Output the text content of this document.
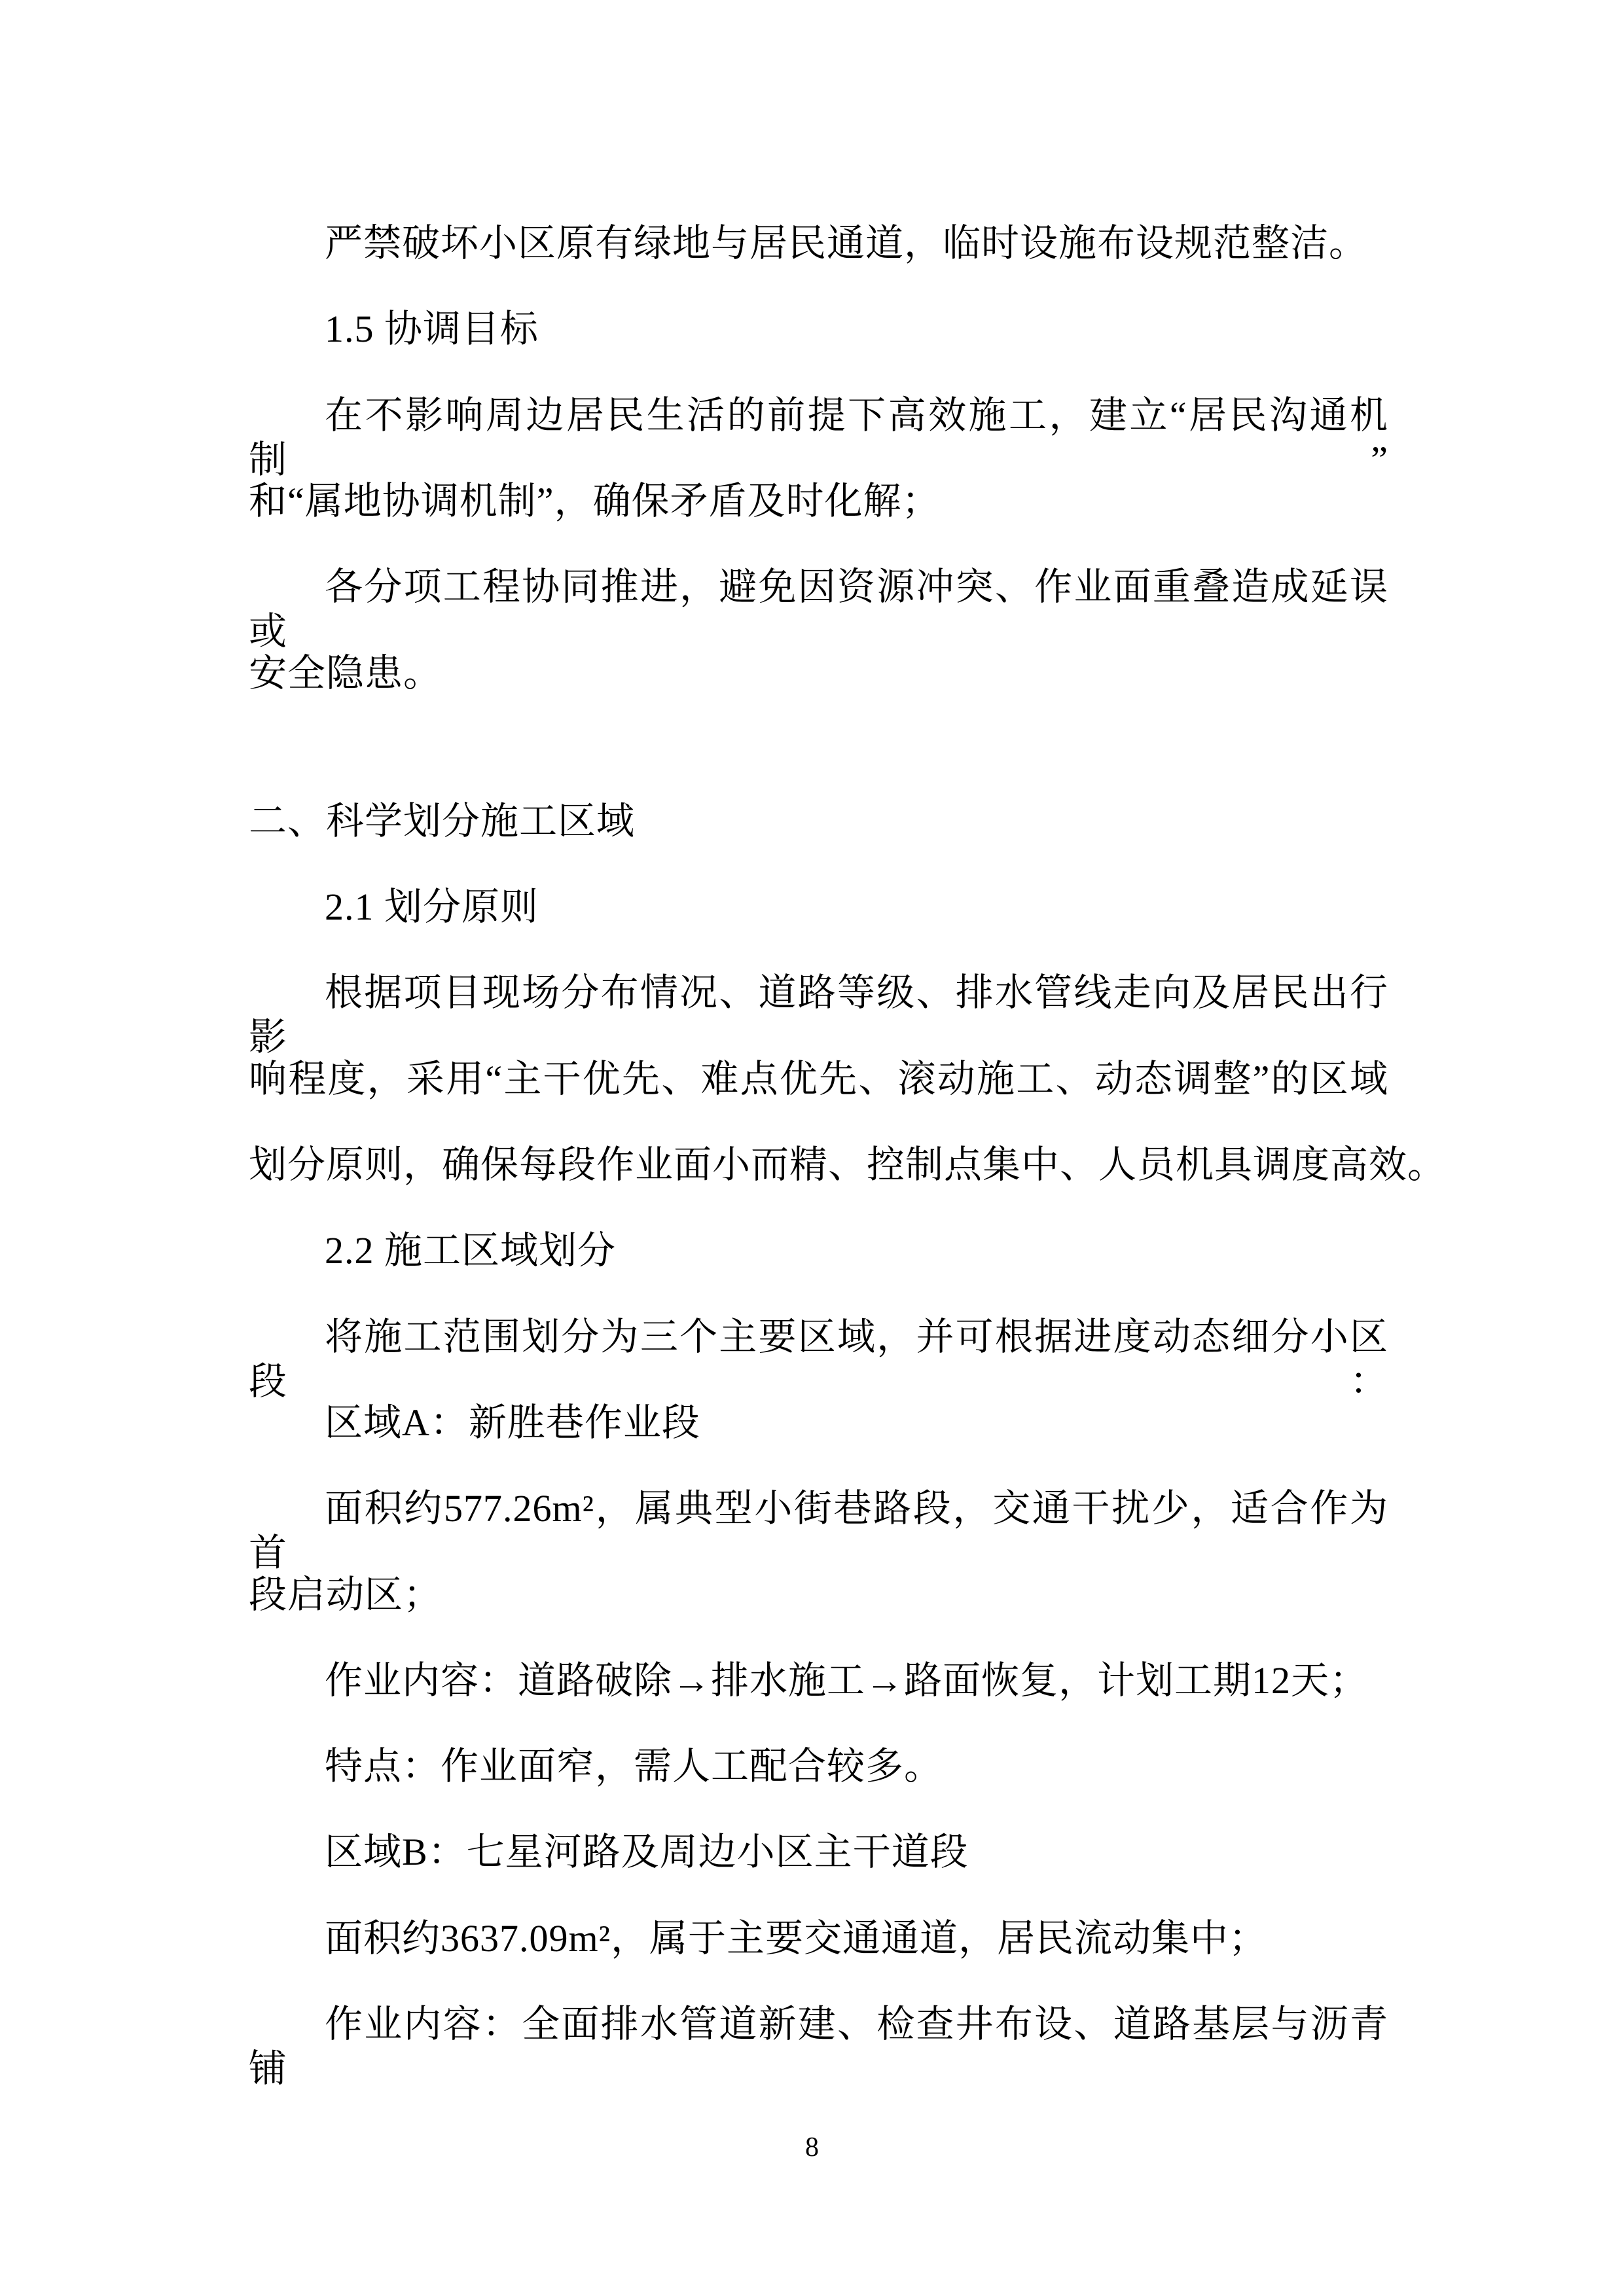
严禁破坏小区原有绿地与居民通道，临时设施布设规范整洁。
1.5 协调目标
在不影响周边居民生活的前提下高效施工，建立“居民沟通机制”
和“属地协调机制”，确保矛盾及时化解；
各分项工程协同推进，避免因资源冲突、作业面重叠造成延误或
安全隐患。
二、科学划分施工区域
2.1 划分原则
根据项目现场分布情况、道路等级、排水管线走向及居民出行影
响程度，采用“主干优先、难点优先、滚动施工、动态调整”的区域
划分原则，确保每段作业面小而精、控制点集中、人员机具调度高效。
2.2 施工区域划分
将施工范围划分为三个主要区域，并可根据进度动态细分小区段：
区域A：新胜巷作业段
面积约577.26m²，属典型小街巷路段，交通干扰少，适合作为首
段启动区；
作业内容：道路破除→排水施工→路面恢复，计划工期12天；
特点：作业面窄，需人工配合较多。
区域B：七星河路及周边小区主干道段
面积约3637.09m²，属于主要交通通道，居民流动集中；
作业内容：全面排水管道新建、检查井布设、道路基层与沥青铺
8
